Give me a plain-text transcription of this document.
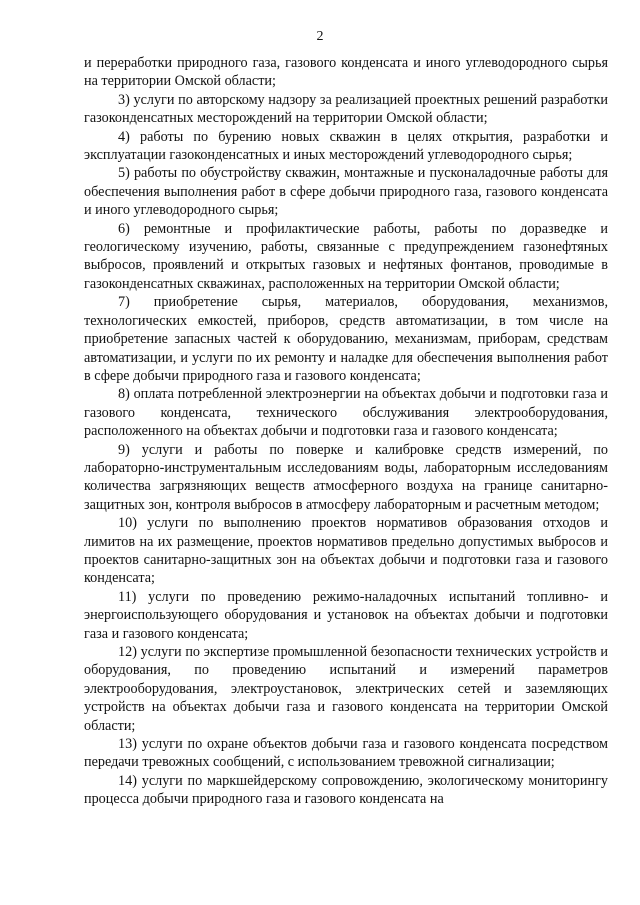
2

и переработки природного газа, газового конденсата и иного углеводородного сырья на территории Омской области;

3) услуги по авторскому надзору за реализацией проектных решений разработки газоконденсатных месторождений на территории Омской области;

4) работы по бурению новых скважин в целях открытия, разработки и эксплуатации газоконденсатных и иных месторождений углеводородного сырья;

5) работы по обустройству скважин, монтажные и пусконаладочные работы для обеспечения выполнения работ в сфере добычи природного газа, газового конденсата и иного углеводородного сырья;

6) ремонтные и профилактические работы, работы по доразведке и геологическому изучению, работы, связанные с предупреждением газонефтяных выбросов, проявлений и открытых газовых и нефтяных фонтанов, проводимые в газоконденсатных скважинах, расположенных на территории Омской области;

7) приобретение сырья, материалов, оборудования, механизмов, технологических емкостей, приборов, средств автоматизации, в том числе на приобретение запасных частей к оборудованию, механизмам, приборам, средствам автоматизации, и услуги по их ремонту и наладке для обеспечения выполнения работ в сфере добычи природного газа и газового конденсата;

8) оплата потребленной электроэнергии на объектах добычи и подготовки газа и газового конденсата, технического обслуживания электрооборудования, расположенного на объектах добычи и подготовки газа и газового конденсата;

9) услуги и работы по поверке и калибровке средств измерений, по лабораторно-инструментальным исследованиям воды, лабораторным исследованиям количества загрязняющих веществ атмосферного воздуха на границе санитарно-защитных зон, контроля выбросов в атмосферу лабораторным и расчетным методом;

10) услуги по выполнению проектов нормативов образования отходов и лимитов на их размещение, проектов нормативов предельно допустимых выбросов и проектов санитарно-защитных зон на объектах добычи и подготовки газа и газового конденсата;

11) услуги по проведению режимо-наладочных испытаний топливно- и энергоиспользующего оборудования и установок на объектах добычи и подготовки газа и газового конденсата;

12) услуги по экспертизе промышленной безопасности технических устройств и оборудования, по проведению испытаний и измерений параметров электрооборудования, электроустановок, электрических сетей и заземляющих устройств на объектах добычи газа и газового конденсата на территории Омской области;

13) услуги по охране объектов добычи газа и газового конденсата посредством передачи тревожных сообщений, с использованием тревожной сигнализации;

14) услуги по маркшейдерскому сопровождению, экологическому мониторингу процесса добычи природного газа и газового конденсата на
